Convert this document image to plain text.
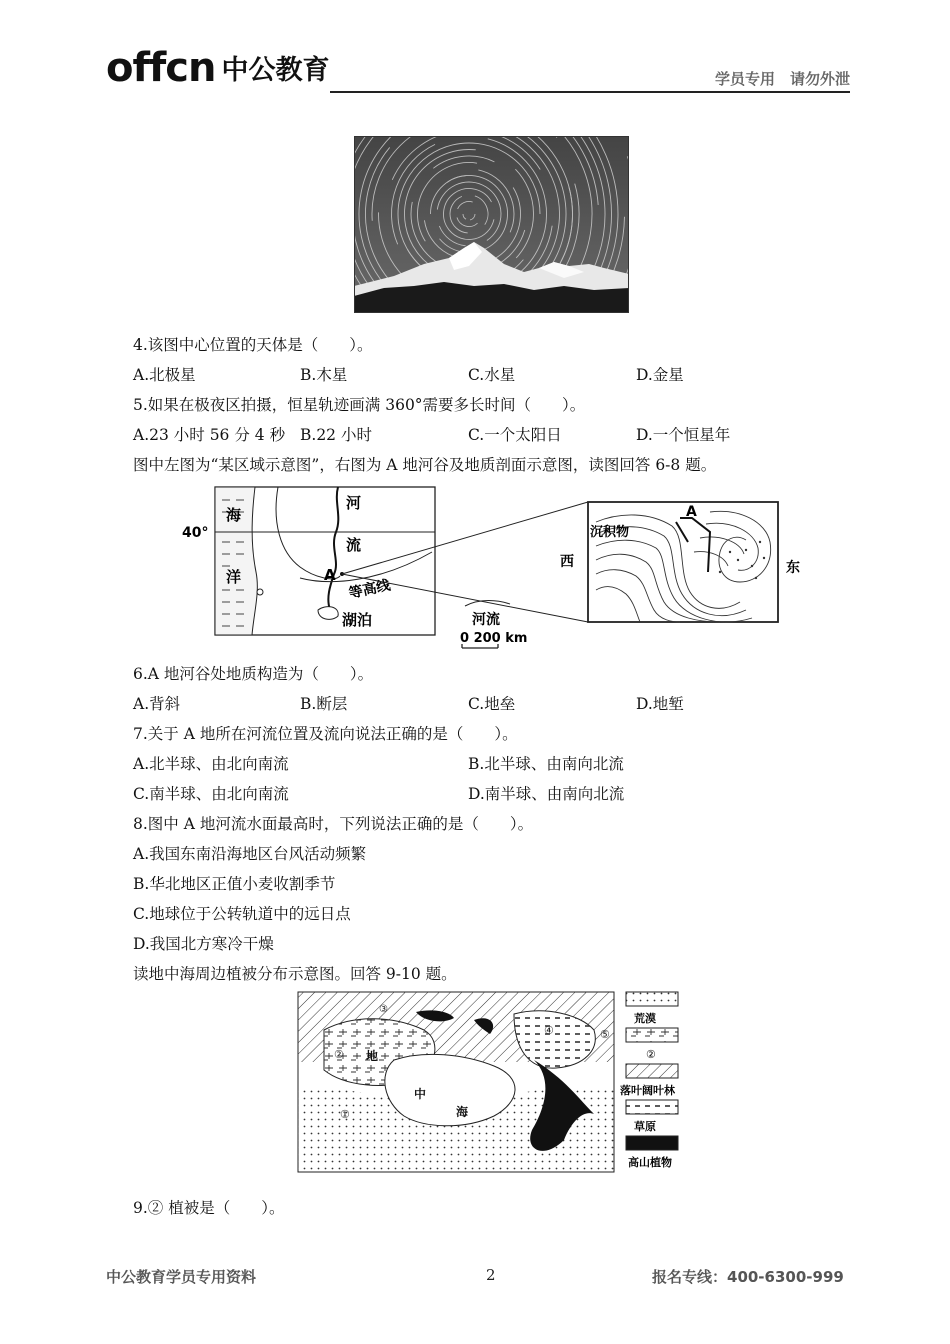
offcn 中公教育	学员专用　请勿外泄
4.该图中心位置的天体是（　　）。
A.北极星	B.木星	C.水星	D.金星
5.如果在极夜区拍摄，恒星轨迹画满 360°需要多长时间（　　）。
A.23 小时 56 分 4 秒 B.22 小时	C.一个太阳日	D.一个恒星年
图中左图为“某区域示意图”，右图为 A 地河谷及地质剖面示意图，读图回答 6-8 题。
40°
海
洋
河
流
A
等高线
湖泊	河流
0 200 km
西	东
A
沉积物
6.A 地河谷处地质构造为（　　）。
A.背斜	B.断层	C.地垒	D.地堑
7.关于 A 地所在河流位置及流向说法正确的是（　　）。
A.北半球、由北向南流	B.北半球、由南向北流
C.南半球、由北向南流	D.南半球、由南向北流
8.图中 A 地河流水面最高时，下列说法正确的是（　　）。
A.我国东南沿海地区台风活动频繁
B.华北地区正值小麦收割季节
C.地球位于公转轨道中的远日点
D.我国北方寒冷干燥
读地中海周边植被分布示意图。回答 9-10 题。
③
②
①
④	⑤
地
中
海
荒漠
②
落叶阔叶林
草原
高山植物
9.② 植被是（　　）。
中公教育学员专用资料	2	报名专线：400-6300-999
